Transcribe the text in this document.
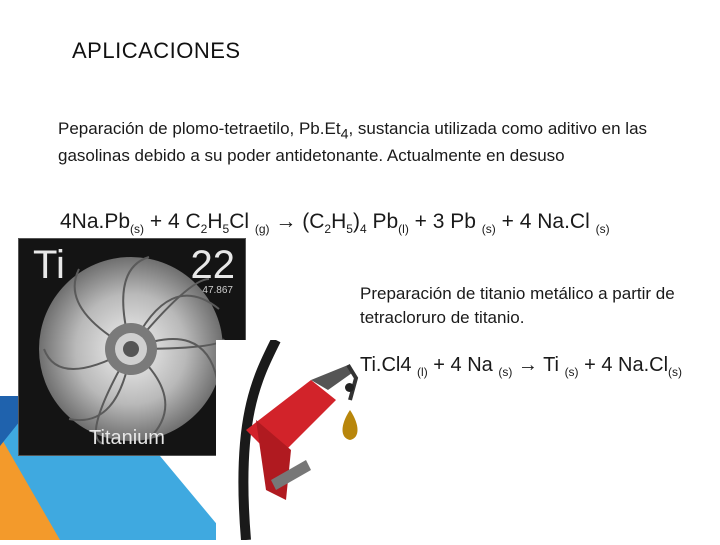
APLICACIONES
Peparación de plomo-tetraetilo, $Pb.Et_4$, sustancia utilizada como aditivo en las gasolinas debido a su poder antidetonante. Actualmente en desuso
$4Na.Pb_{(s)} + 4$ $C_2H_5Cl$ $_{(g)} \to (C_2H_5)_4$ $Pb_{(l)} + 3$ Pb $_{(s)}$ + 4 Na.Cl $_{(s)}$
Ti	22
47.867
Titanium
Preparación de titanio metálico a partir de tetracloruro de titanio.
Ti.Cl4 $_{(l)}$ + 4 Na $_{(s)}$ → Ti $_{(s)}$ + 4 $Na.Cl_{(s)}$
